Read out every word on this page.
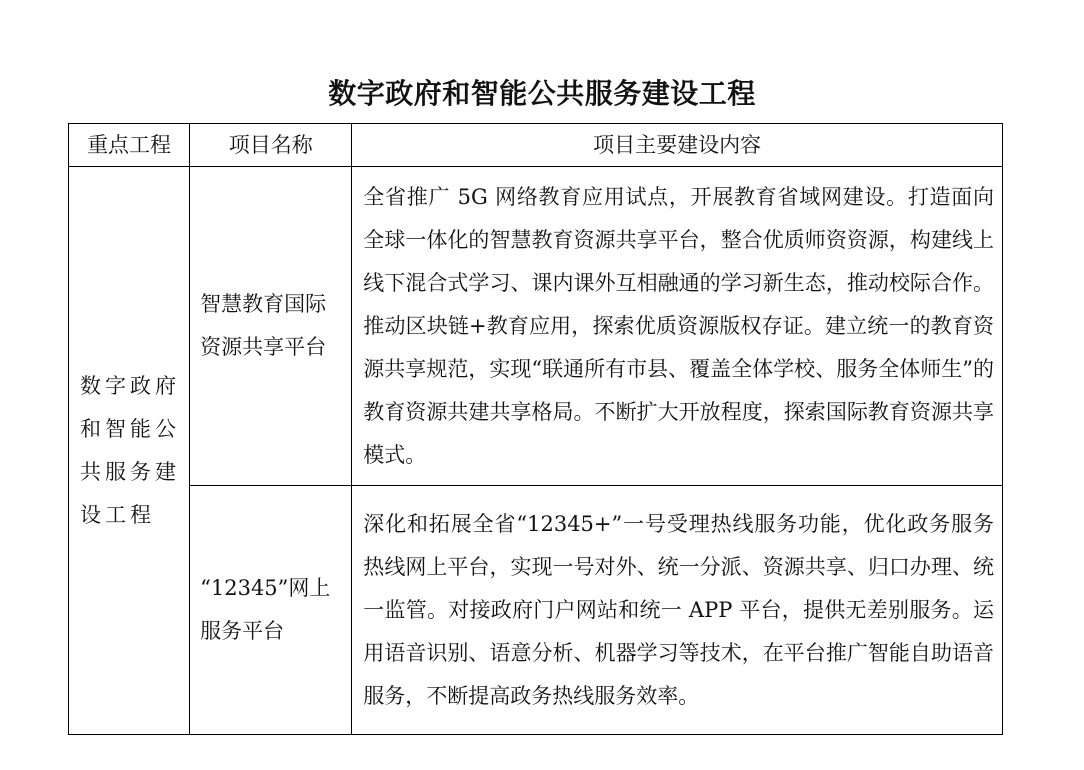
数字政府和智能公共服务建设工程
重点工程	项目名称	项目主要建设内容
数字政府和智能公共服务建设工程	智慧教育国际资源共享平台	全省推广 5G 网络教育应用试点，开展教育省域网建设。打造面向全球一体化的智慧教育资源共享平台，整合优质师资资源，构建线上线下混合式学习、课内课外互相融通的学习新生态，推动校际合作。推动区块链+教育应用，探索优质资源版权存证。建立统一的教育资源共享规范，实现“联通所有市县、覆盖全体学校、服务全体师生”的教育资源共建共享格局。不断扩大开放程度，探索国际教育资源共享模式。
	“12345”网上服务平台	深化和拓展全省“12345+”一号受理热线服务功能，优化政务服务热线网上平台，实现一号对外、统一分派、资源共享、归口办理、统一监管。对接政府门户网站和统一 APP 平台，提供无差别服务。运用语音识别、语意分析、机器学习等技术，在平台推广智能自助语音服务，不断提高政务热线服务效率。
